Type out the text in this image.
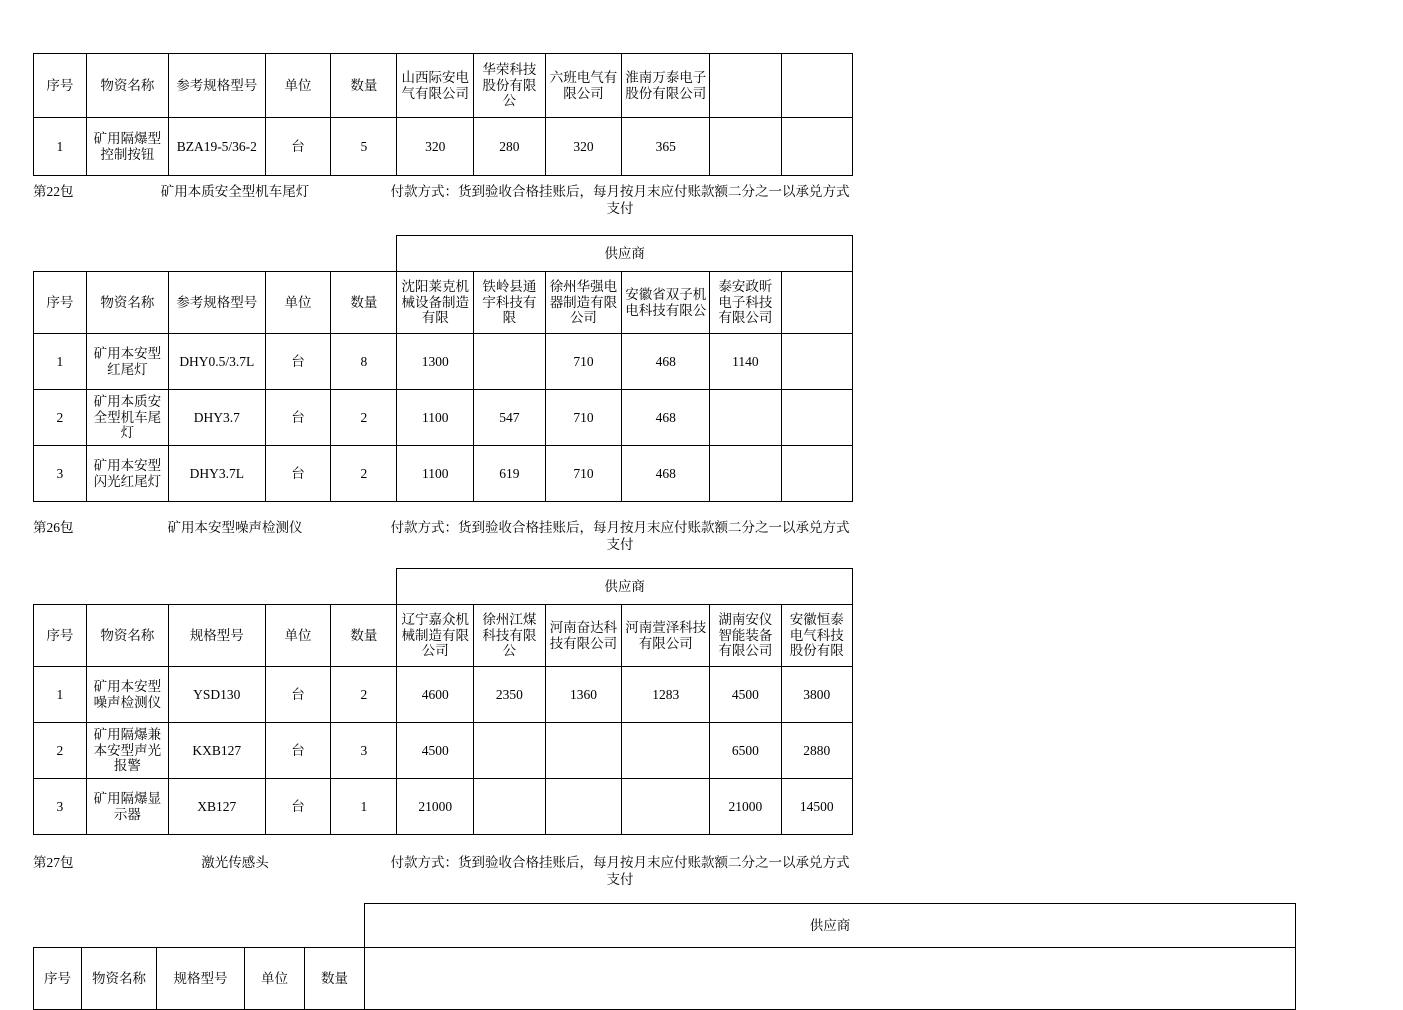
序号	物资名称	参考规格型号	单位	数量	山西际安电气有限公司	华荣科技股份有限公	六班电气有限公司	淮南万泰电子股份有限公司		
1	矿用隔爆型控制按钮	BZA19-5/36-2	台	5	320	280	320	365		
第22包	矿用本质安全型机车尾灯	付款方式：货到验收合格挂账后，每月按月末应付账款额二分之一以承兑方式支付
					供应商					
序号	物资名称	参考规格型号	单位	数量	沈阳莱克机械设备制造有限	铁岭县通宇科技有限	徐州华强电器制造有限公司	安徽省双子机电科技有限公	泰安政昕电子科技有限公司	
1	矿用本安型红尾灯	DHY0.5/3.7L	台	8	1300		710	468	1140	
2	矿用本质安全型机车尾灯	DHY3.7	台	2	1100	547	710	468		
3	矿用本安型闪光红尾灯	DHY3.7L	台	2	1100	619	710	468		
第26包	矿用本安型噪声检测仪	付款方式：货到验收合格挂账后，每月按月末应付账款额二分之一以承兑方式支付
					供应商					
序号	物资名称	规格型号	单位	数量	辽宁嘉众机械制造有限公司	徐州江煤科技有限公	河南奋达科技有限公司	河南萱泽科技有限公司	湖南安仪智能装备有限公司	安徽恒泰电气科技股份有限
1	矿用本安型噪声检测仪	YSD130	台	2	4600	2350	1360	1283	4500	3800
2	矿用隔爆兼本安型声光报警	KXB127	台	3	4500				6500	2880
3	矿用隔爆显示器	XB127	台	1	21000				21000	14500
第27包	激光传感头	付款方式：货到验收合格挂账后，每月按月末应付账款额二分之一以承兑方式支付
					供应商
序号	物资名称	规格型号	单位	数量	
